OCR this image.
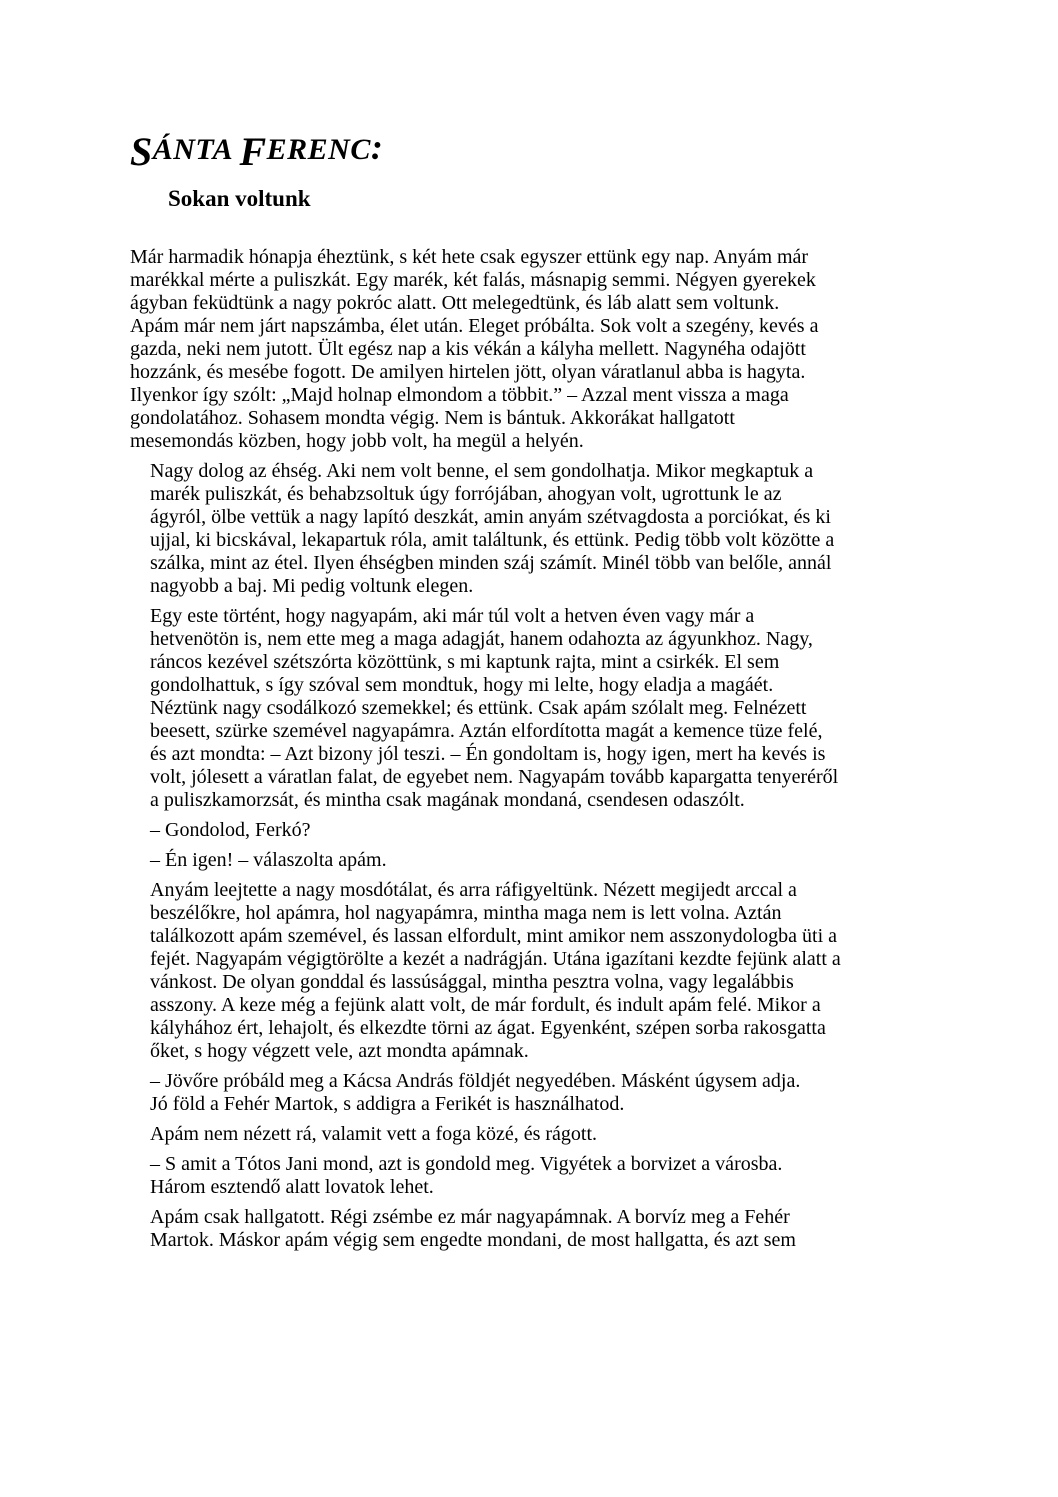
SÁNTA FERENC:
Sokan voltunk

Már harmadik hónapja éheztünk, s két hete csak egyszer ettünk egy nap. Anyám már
marékkal mérte a puliszkát. Egy marék, két falás, másnapig semmi. Négyen gyerekek
ágyban feküdtünk a nagy pokróc alatt. Ott melegedtünk, és láb alatt sem voltunk.
Apám már nem járt napszámba, élet után. Eleget próbálta. Sok volt a szegény, kevés a
gazda, neki nem jutott. Ült egész nap a kis vékán a kályha mellett. Nagynéha odajött
hozzánk, és mesébe fogott. De amilyen hirtelen jött, olyan váratlanul abba is hagyta.
Ilyenkor így szólt: „Majd holnap elmondom a többit.” – Azzal ment vissza a maga
gondolatához. Sohasem mondta végig. Nem is bántuk. Akkorákat hallgatott
mesemondás közben, hogy jobb volt, ha megül a helyén.

Nagy dolog az éhség. Aki nem volt benne, el sem gondolhatja. Mikor megkaptuk a
marék puliszkát, és behabzsoltuk úgy forrójában, ahogyan volt, ugrottunk le az
ágyról, ölbe vettük a nagy lapító deszkát, amin anyám szétvagdosta a porciókat, és ki
ujjal, ki bicskával, lekapartuk róla, amit találtunk, és ettünk. Pedig több volt közötte a
szálka, mint az étel. Ilyen éhségben minden száj számít. Minél több van belőle, annál
nagyobb a baj. Mi pedig voltunk elegen.

Egy este történt, hogy nagyapám, aki már túl volt a hetven éven vagy már a
hetvenötön is, nem ette meg a maga adagját, hanem odahozta az ágyunkhoz. Nagy,
ráncos kezével szétszórta közöttünk, s mi kaptunk rajta, mint a csirkék. El sem
gondolhattuk, s így szóval sem mondtuk, hogy mi lelte, hogy eladja a magáét.
Néztünk nagy csodálkozó szemekkel; és ettünk. Csak apám szólalt meg. Felnézett
beesett, szürke szemével nagyapámra. Aztán elfordította magát a kemence tüze felé,
és azt mondta: – Azt bizony jól teszi. – Én gondoltam is, hogy igen, mert ha kevés is
volt, jólesett a váratlan falat, de egyebet nem. Nagyapám tovább kapargatta tenyeréről
a puliszkamorzsát, és mintha csak magának mondaná, csendesen odaszólt.

– Gondolod, Ferkó?

– Én igen! – válaszolta apám.

Anyám leejtette a nagy mosdótálat, és arra ráfigyeltünk. Nézett megijedt arccal a
beszélőkre, hol apámra, hol nagyapámra, mintha maga nem is lett volna. Aztán
találkozott apám szemével, és lassan elfordult, mint amikor nem asszonydologba üti a
fejét. Nagyapám végigtörölte a kezét a nadrágján. Utána igazítani kezdte fejünk alatt a
vánkost. De olyan gonddal és lassúsággal, mintha pesztra volna, vagy legalábbis
asszony. A keze még a fejünk alatt volt, de már fordult, és indult apám felé. Mikor a
kályhához ért, lehajolt, és elkezdte törni az ágat. Egyenként, szépen sorba rakosgatta
őket, s hogy végzett vele, azt mondta apámnak.

– Jövőre próbáld meg a Kácsa András földjét negyedében. Másként úgysem adja.
Jó föld a Fehér Martok, s addigra a Ferikét is használhatod.

Apám nem nézett rá, valamit vett a foga közé, és rágott.

– S amit a Tótos Jani mond, azt is gondold meg. Vigyétek a borvizet a városba.
Három esztendő alatt lovatok lehet.

Apám csak hallgatott. Régi zsémbe ez már nagyapámnak. A borvíz meg a Fehér
Martok. Máskor apám végig sem engedte mondani, de most hallgatta, és azt sem
